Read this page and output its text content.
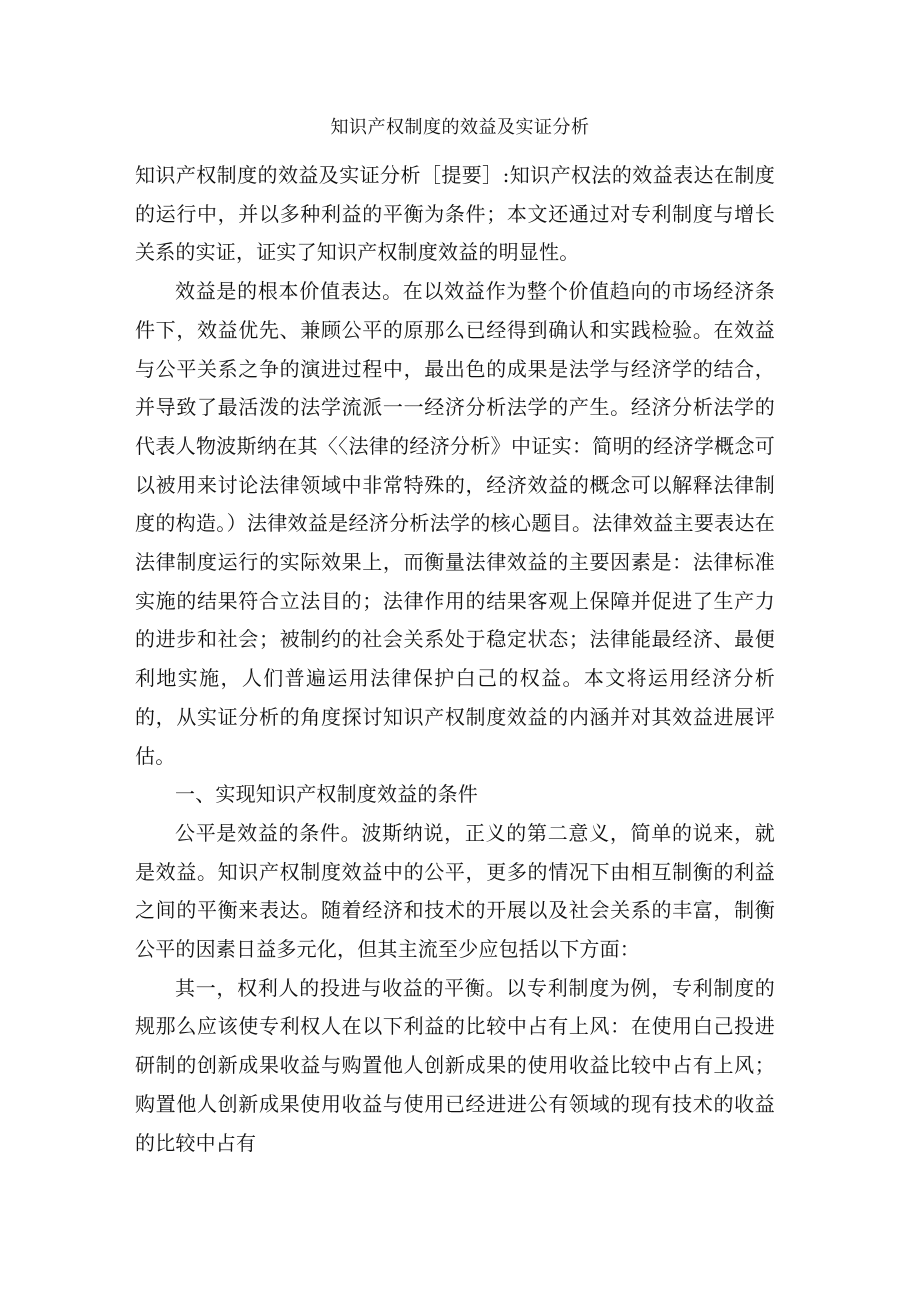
知识产权制度的效益及实证分析

知识产权制度的效益及实证分析［提要］:知识产权法的效益表达在制度的运行中，并以多种利益的平衡为条件；本文还通过对专利制度与增长关系的实证，证实了知识产权制度效益的明显性。

效益是的根本价值表达。在以效益作为整个价值趋向的市场经济条件下，效益优先、兼顾公平的原那么已经得到确认和实践检验。在效益与公平关系之争的演进过程中，最出色的成果是法学与经济学的结合，并导致了最活泼的法学流派一一经济分析法学的产生。经济分析法学的代表人物波斯纳在其〈〈法律的经济分析》中证实：简明的经济学概念可以被用来讨论法律领域中非常特殊的，经济效益的概念可以解释法律制度的构造。）法律效益是经济分析法学的核心题目。法律效益主要表达在法律制度运行的实际效果上，而衡量法律效益的主要因素是：法律标准实施的结果符合立法目的；法律作用的结果客观上保障并促进了生产力的进步和社会；被制约的社会关系处于稳定状态；法律能最经济、最便利地实施，人们普遍运用法律保护白己的权益。本文将运用经济分析的，从实证分析的角度探讨知识产权制度效益的内涵并对其效益进展评估。

一、实现知识产权制度效益的条件

公平是效益的条件。波斯纳说，正义的第二意义，简单的说来，就是效益。知识产权制度效益中的公平，更多的情况下由相互制衡的利益之间的平衡来表达。随着经济和技术的开展以及社会关系的丰富，制衡公平的因素日益多元化，但其主流至少应包括以下方面：

其一，权利人的投进与收益的平衡。以专利制度为例，专利制度的规那么应该使专利权人在以下利益的比较中占有上风：在使用白己投进研制的创新成果收益与购置他人创新成果的使用收益比较中占有上风；购置他人创新成果使用收益与使用已经进进公有领域的现有技术的收益的比较中占有
